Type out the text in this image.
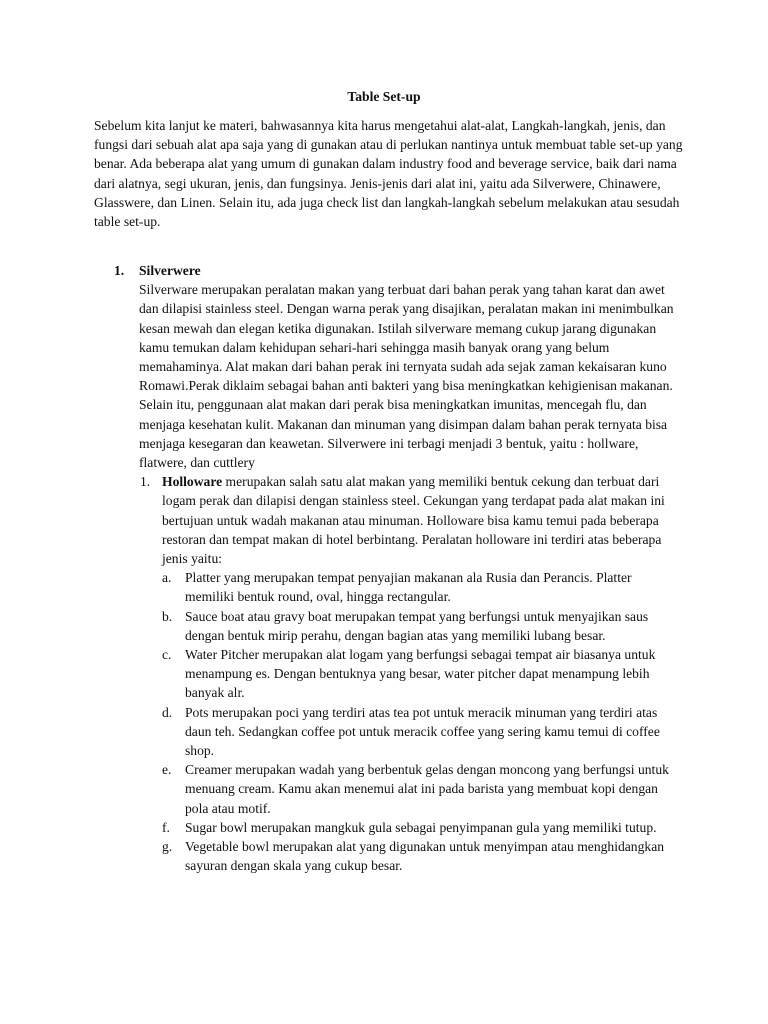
Table Set-up

Sebelum kita lanjut ke materi, bahwasannya kita harus mengetahui alat-alat, Langkah-langkah, jenis, dan fungsi dari sebuah alat apa saja yang di gunakan atau di perlukan nantinya untuk membuat table set-up yang benar. Ada beberapa alat yang umum di gunakan dalam industry food and beverage service, baik dari nama dari alatnya, segi ukuran, jenis, dan fungsinya. Jenis-jenis dari alat ini, yaitu ada Silverwere, Chinawere, Glasswere, dan Linen. Selain itu, ada juga check list dan langkah-langkah sebelum melakukan atau sesudah table set-up.

1. Silverwere

Silverware merupakan peralatan makan yang terbuat dari bahan perak yang tahan karat dan awet dan dilapisi stainless steel. Dengan warna perak yang disajikan, peralatan makan ini menimbulkan kesan mewah dan elegan ketika digunakan. Istilah silverware memang cukup jarang digunakan kamu temukan dalam kehidupan sehari-hari sehingga masih banyak orang yang belum memahaminya. Alat makan dari bahan perak ini ternyata sudah ada sejak zaman kekaisaran kuno Romawi.Perak diklaim sebagai bahan anti bakteri yang bisa meningkatkan kehigienisan makanan. Selain itu, penggunaan alat makan dari perak bisa meningkatkan imunitas, mencegah flu, dan menjaga kesehatan kulit. Makanan dan minuman yang disimpan dalam bahan perak ternyata bisa menjaga kesegaran dan keawetan. Silverwere ini terbagi menjadi 3 bentuk, yaitu : hollware, flatwere, dan cuttlery

1. Holloware merupakan salah satu alat makan yang memiliki bentuk cekung dan terbuat dari logam perak dan dilapisi dengan stainless steel. Cekungan yang terdapat pada alat makan ini bertujuan untuk wadah makanan atau minuman. Holloware bisa kamu temui pada beberapa restoran dan tempat makan di hotel berbintang. Peralatan holloware ini terdiri atas beberapa jenis yaitu:
a. Platter yang merupakan tempat penyajian makanan ala Rusia dan Perancis. Platter memiliki bentuk round, oval, hingga rectangular.
b. Sauce boat atau gravy boat merupakan tempat yang berfungsi untuk menyajikan saus dengan bentuk mirip perahu, dengan bagian atas yang memiliki lubang besar.
c. Water Pitcher merupakan alat logam yang berfungsi sebagai tempat air biasanya untuk menampung es. Dengan bentuknya yang besar, water pitcher dapat menampung lebih banyak alr.
d. Pots merupakan poci yang terdiri atas tea pot untuk meracik minuman yang terdiri atas daun teh. Sedangkan coffee pot untuk meracik coffee yang sering kamu temui di coffee shop.
e. Creamer merupakan wadah yang berbentuk gelas dengan moncong yang berfungsi untuk menuang cream. Kamu akan menemui alat ini pada barista yang membuat kopi dengan pola atau motif.
f. Sugar bowl merupakan mangkuk gula sebagai penyimpanan gula yang memiliki tutup.
g. Vegetable bowl merupakan alat yang digunakan untuk menyimpan atau menghidangkan sayuran dengan skala yang cukup besar.
